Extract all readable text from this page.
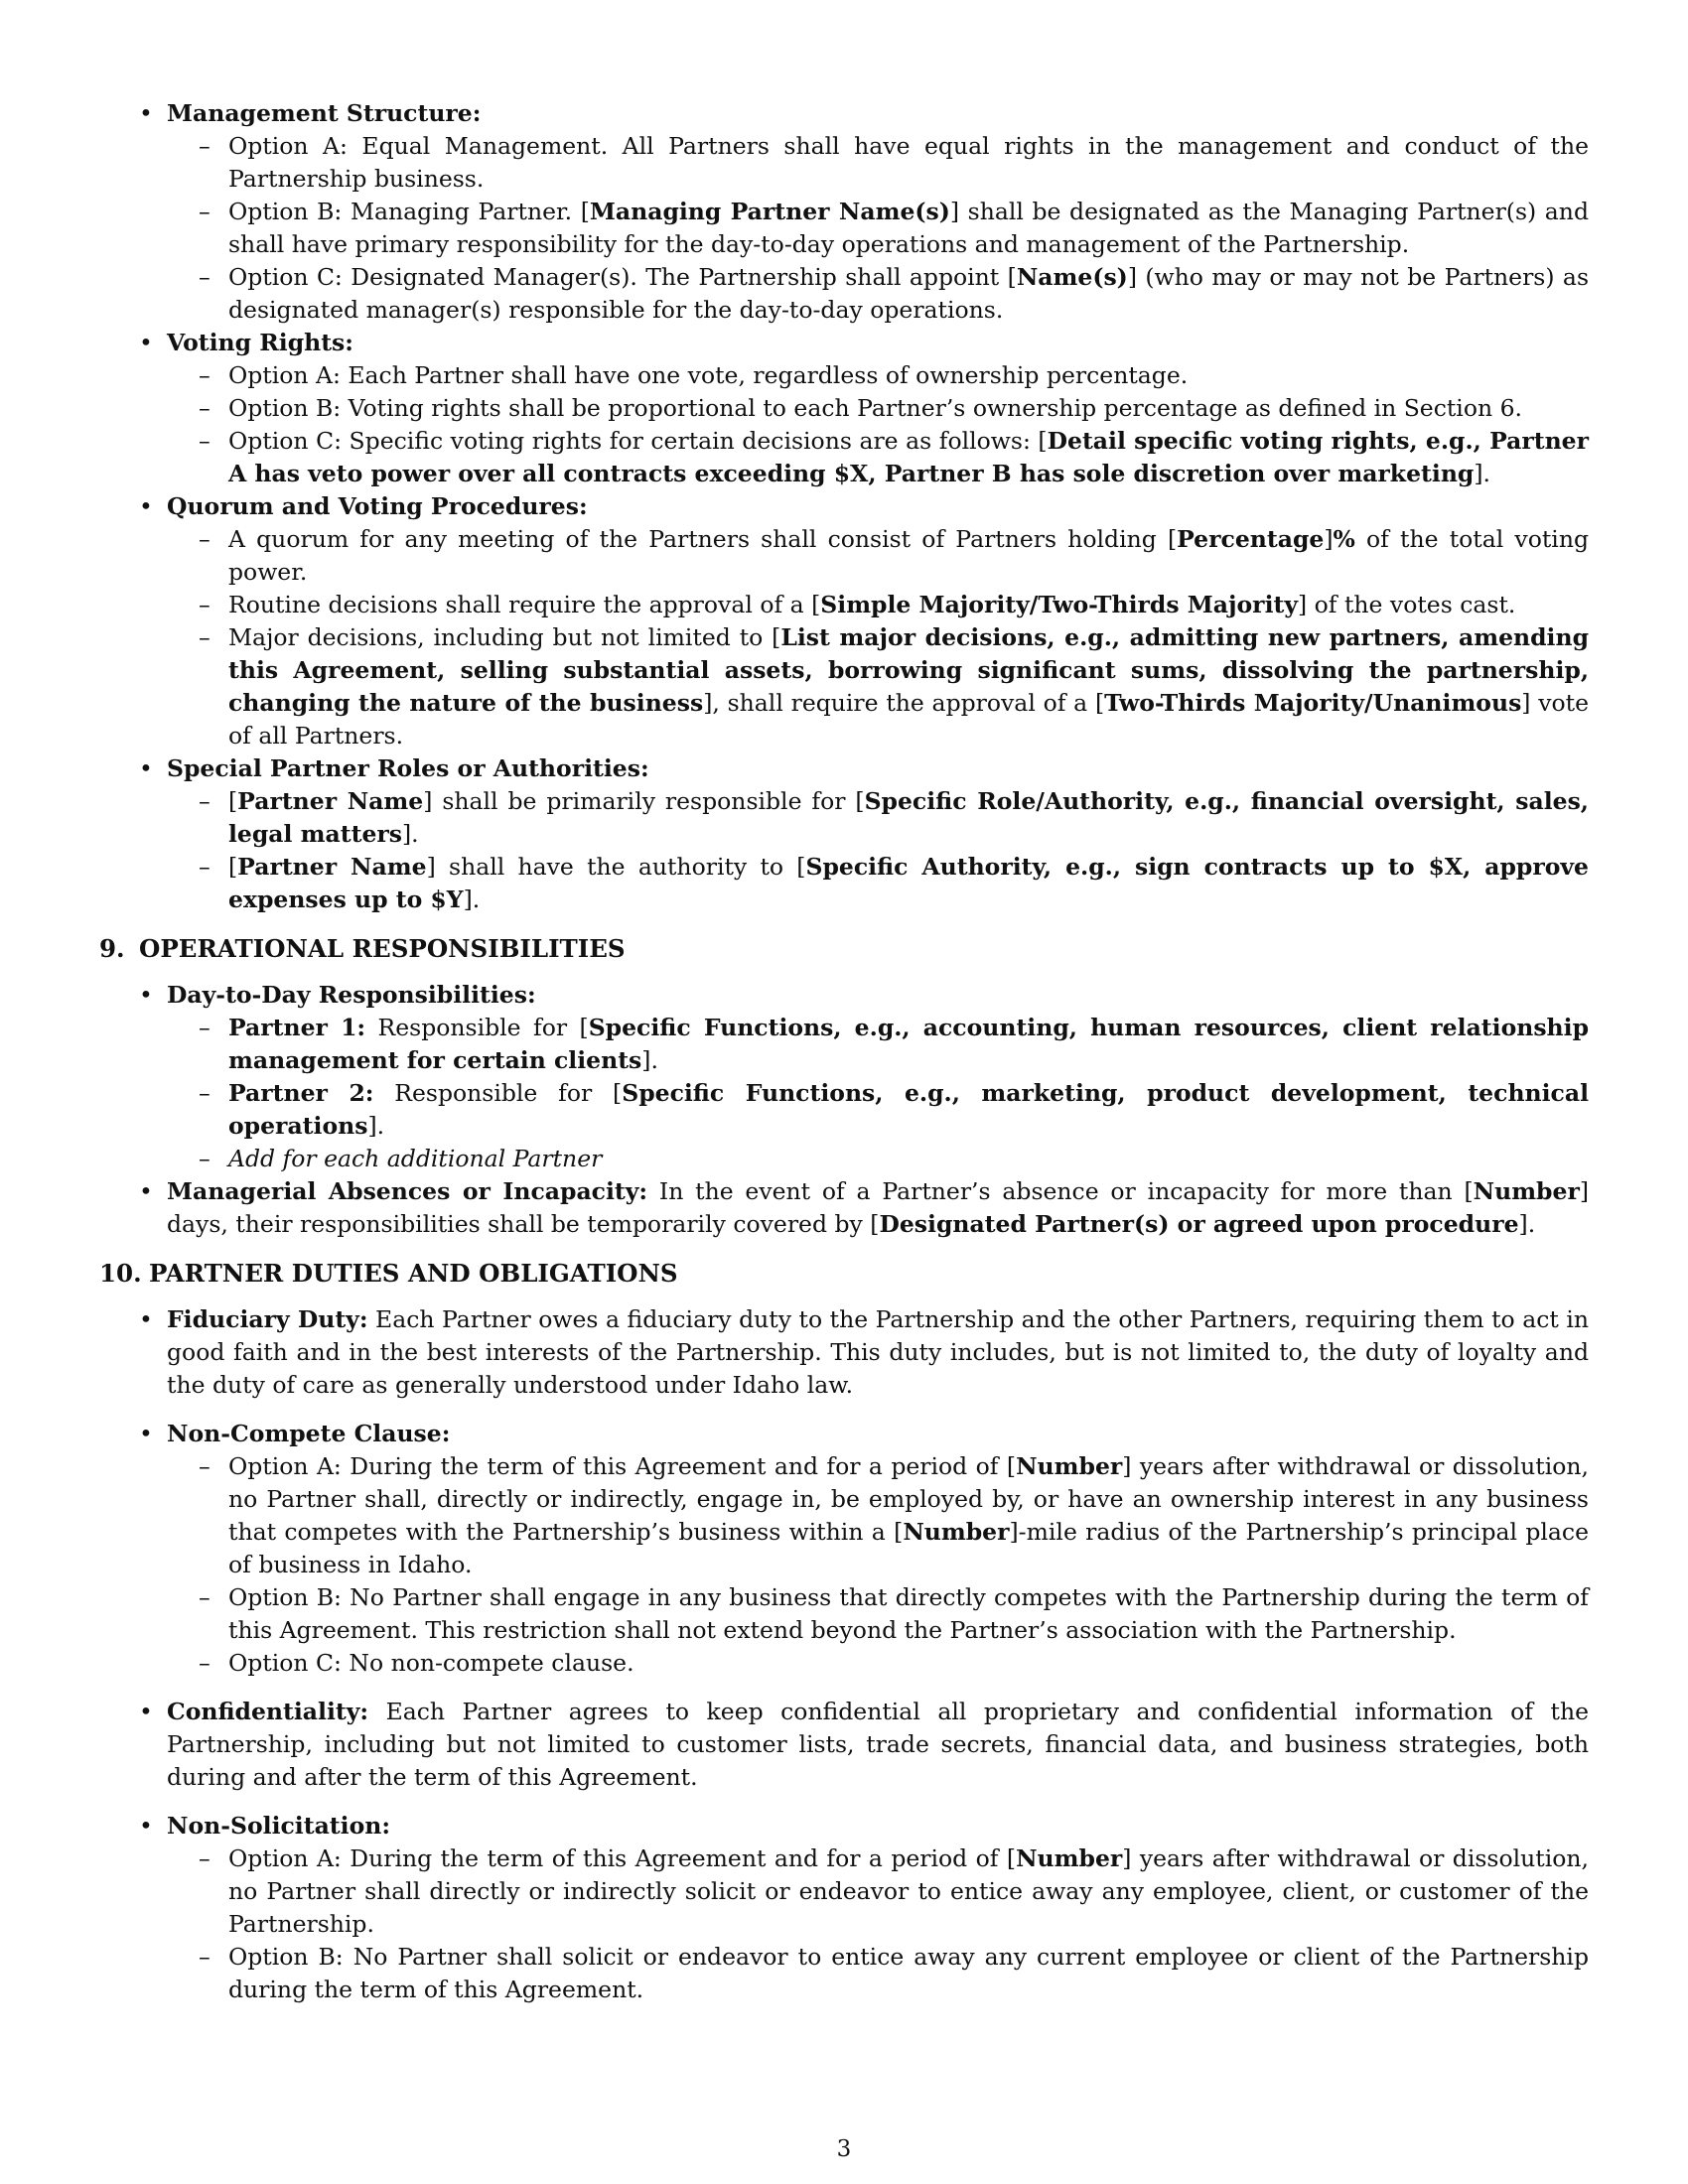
• Management Structure:
– Option A: Equal Management. All Partners shall have equal rights in the management and conduct of the Partnership business.
– Option B: Managing Partner. [Managing Partner Name(s)] shall be designated as the Managing Partner(s) and shall have primary responsibility for the day-to-day operations and management of the Partnership.
– Option C: Designated Manager(s). The Partnership shall appoint [Name(s)] (who may or may not be Partners) as designated manager(s) responsible for the day-to-day operations.
• Voting Rights:
– Option A: Each Partner shall have one vote, regardless of ownership percentage.
– Option B: Voting rights shall be proportional to each Partner’s ownership percentage as defined in Section 6.
– Option C: Specific voting rights for certain decisions are as follows: [Detail specific voting rights, e.g., Partner A has veto power over all contracts exceeding $X, Partner B has sole discretion over marketing].
• Quorum and Voting Procedures:
– A quorum for any meeting of the Partners shall consist of Partners holding [Percentage]% of the total voting power.
– Routine decisions shall require the approval of a [Simple Majority/Two-Thirds Majority] of the votes cast.
– Major decisions, including but not limited to [List major decisions, e.g., admitting new partners, amending this Agreement, selling substantial assets, borrowing significant sums, dissolving the partnership, changing the nature of the business], shall require the approval of a [Two-Thirds Majority/Unanimous] vote of all Partners.
• Special Partner Roles or Authorities:
– [Partner Name] shall be primarily responsible for [Specific Role/Authority, e.g., financial oversight, sales, legal matters].
– [Partner Name] shall have the authority to [Specific Authority, e.g., sign contracts up to $X, approve expenses up to $Y].
9. OPERATIONAL RESPONSIBILITIES
• Day-to-Day Responsibilities:
– Partner 1: Responsible for [Specific Functions, e.g., accounting, human resources, client relationship management for certain clients].
– Partner 2: Responsible for [Specific Functions, e.g., marketing, product development, technical operations].
– Add for each additional Partner
• Managerial Absences or Incapacity: In the event of a Partner’s absence or incapacity for more than [Number] days, their responsibilities shall be temporarily covered by [Designated Partner(s) or agreed upon procedure].
10. PARTNER DUTIES AND OBLIGATIONS
• Fiduciary Duty: Each Partner owes a fiduciary duty to the Partnership and the other Partners, requiring them to act in good faith and in the best interests of the Partnership. This duty includes, but is not limited to, the duty of loyalty and the duty of care as generally understood under Idaho law.
• Non-Compete Clause:
– Option A: During the term of this Agreement and for a period of [Number] years after withdrawal or dissolution, no Partner shall, directly or indirectly, engage in, be employed by, or have an ownership interest in any business that competes with the Partnership’s business within a [Number]-mile radius of the Partnership’s principal place of business in Idaho.
– Option B: No Partner shall engage in any business that directly competes with the Partnership during the term of this Agreement. This restriction shall not extend beyond the Partner’s association with the Partnership.
– Option C: No non-compete clause.
• Confidentiality: Each Partner agrees to keep confidential all proprietary and confidential information of the Partnership, including but not limited to customer lists, trade secrets, financial data, and business strategies, both during and after the term of this Agreement.
• Non-Solicitation:
– Option A: During the term of this Agreement and for a period of [Number] years after withdrawal or dissolution, no Partner shall directly or indirectly solicit or endeavor to entice away any employee, client, or customer of the Partnership.
– Option B: No Partner shall solicit or endeavor to entice away any current employee or client of the Partnership during the term of this Agreement.
3
